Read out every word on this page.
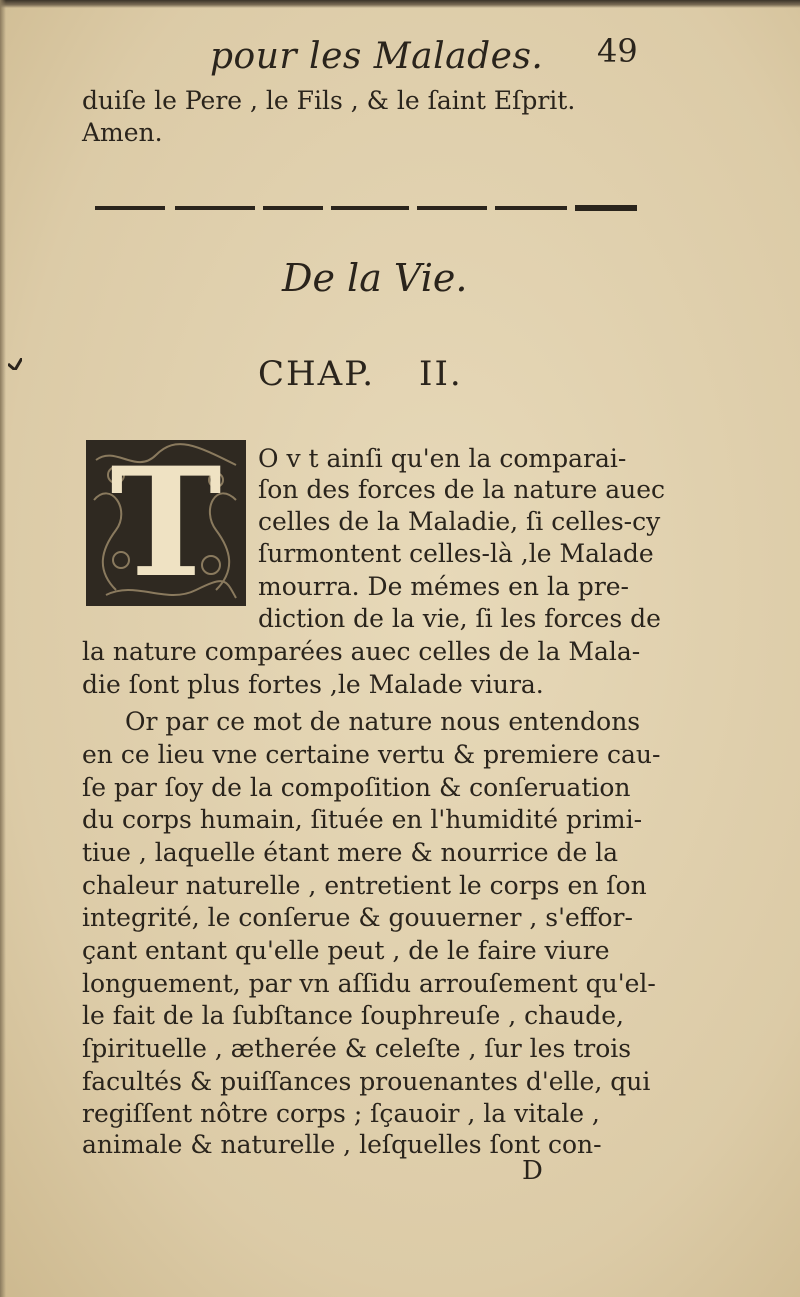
pour les Malades. 49
duiſe le Pere , le Fils , & le ſaint Eſprit.
Amen.
De la Vie.
CHAP. II.
T	O v t ainſi qu'en la comparai-
ſon des forces de la nature auec
celles de la Maladie, ſi celles-cy
ſurmontent celles-là ,le Malade
mourra. De mémes en la pre-
diction de la vie, ſi les forces de
la nature comparées auec celles de la Mala-
die ſont plus fortes ,le Malade viura.
Or par ce mot de nature nous entendons
en ce lieu vne certaine vertu & premiere cau-
ſe par ſoy de la compoſition & conſeruation
du corps humain, ſituée en l'humidité primi-
tiue , laquelle étant mere & nourrice de la
chaleur naturelle , entretient le corps en ſon
integrité, le conſerue & gouuerner , s'effor-
çant entant qu'elle peut , de le faire viure
longuement, par vn aſſidu arrouſement qu'el-
le fait de la ſubſtance ſouphreuſe , chaude,
ſpirituelle , ætherée & celeſte , ſur les trois
facultés & puiſſances prouenantes d'elle, qui
regiſſent nôtre corps ; ſçauoir , la vitale ,
animale & naturelle , leſquelles ſont con-
D
